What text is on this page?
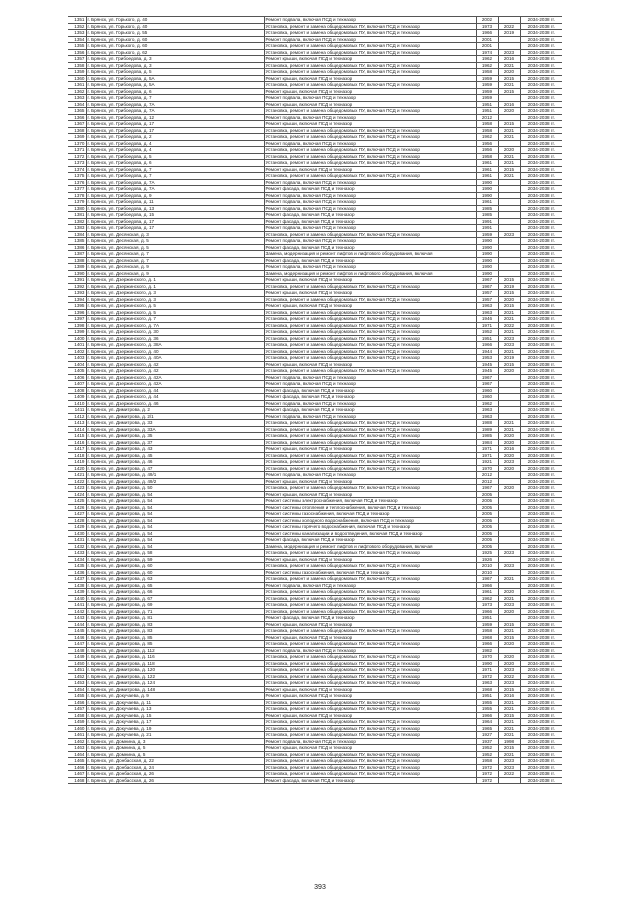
1351	г. Брянск, ул. Горького, д. 40	Ремонт подвала, включая ПСД и техназор	2002		2034-2038 гг.
1352	г. Брянск, ул. Горького, д. 40	Установка, ремонт и замена общедомовых ПУ, включая ПСД и техназор	1973	2022	2034-2038 гг.
1353	г. Брянск, ул. Горького, д. 55	Установка, ремонт и замена общедомовых ПУ, включая ПСД и техназор	1966	2019	2034-2038 гг.
1354	г. Брянск, ул. Горького, д. 60	Ремонт подвала, включая ПСД и техназор	2001		2034-2038 гг.
1355	г. Брянск, ул. Горького, д. 60	Установка, ремонт и замена общедомовых ПУ, включая ПСД и техназор	2001		2034-2038 гг.
1356	г. Брянск, ул. Горького, д. 62	Установка, ремонт и замена общедомовых ПУ, включая ПСД и техназор	1974	2023	2034-2038 гг.
1357	г. Брянск, ул. Грибоедова, д. 3	Ремонт крыши, включая ПСД и техназор	1962	2016	2034-2038 гг.
1358	г. Брянск, ул. Грибоедова, д. 3	Установка, ремонт и замена общедомовых ПУ, включая ПСД и техназор	1962	2021	2034-2038 гг.
1359	г. Брянск, ул. Грибоедова, д. 5	Установка, ремонт и замена общедомовых ПУ, включая ПСД и техназор	1958	2020	2034-2038 гг.
1360	г. Брянск, ул. Грибоедова, д. 5А	Ремонт крыши, включая ПСД и техназор	1959	2015	2034-2038 гг.
1361	г. Брянск, ул. Грибоедова, д. 5А	Установка, ремонт и замена общедомовых ПУ, включая ПСД и техназор	1959	2021	2034-2038 гг.
1362	г. Брянск, ул. Грибоедова, д. 6	Ремонт крыши, включая ПСД и техназор	1959	2015	2034-2038 гг.
1363	г. Брянск, ул. Грибоедова, д. 7	Ремонт подвала, включая ПСД и техназор	1959		2034-2038 гг.
1364	г. Брянск, ул. Грибоедова, д. 7А	Ремонт крыши, включая ПСД и техназор	1951	2016	2034-2038 гг.
1365	г. Брянск, ул. Грибоедова, д. 7А	Установка, ремонт и замена общедомовых ПУ, включая ПСД и техназор	1951	2020	2034-2038 гг.
1366	г. Брянск, ул. Грибоедова, д. 12	Ремонт подвала, включая ПСД и техназор	2012		2034-2038 гг.
1367	г. Брянск, ул. Грибоедова, д. 17	Ремонт крыши, включая ПСД и техназор	1958	2015	2034-2038 гг.
1368	г. Брянск, ул. Грибоедова, д. 17	Установка, ремонт и замена общедомовых ПУ, включая ПСД и техназор	1958	2021	2034-2038 гг.
1369	г. Брянск, ул. Грибоедова, д. 2	Установка, ремонт и замена общедомовых ПУ, включая ПСД и техназор	1962	2021	2034-2038 гг.
1370	г. Брянск, ул. Грибоедова, д. 4	Ремонт подвала, включая ПСД и техназор	1956		2034-2038 гг.
1371	г. Брянск, ул. Грибоедова, д. 4	Установка, ремонт и замена общедомовых ПУ, включая ПСД и техназор	1956	2020	2034-2038 гг.
1372	г. Брянск, ул. Грибоедова, д. 5	Установка, ремонт и замена общедомовых ПУ, включая ПСД и техназор	1958	2021	2034-2038 гг.
1373	г. Брянск, ул. Грибоедова, д. 6	Установка, ремонт и замена общедомовых ПУ, включая ПСД и техназор	1961	2021	2034-2038 гг.
1374	г. Брянск, ул. Грибоедова, д. 7	Ремонт крыши, включая ПСД и техназор	1961	2015	2034-2038 гг.
1375	г. Брянск, ул. Грибоедова, д. 7	Установка, ремонт и замена общедомовых ПУ, включая ПСД и техназор	1961	2021	2034-2038 гг.
1376	г. Брянск, ул. Грибоедова, д. 7А	Ремонт подвала, включая ПСД и техназор	1990		2034-2038 гг.
1377	г. Брянск, ул. Грибоедова, д. 7А	Ремонт фасада, включая ПСД и техназор	1990		2034-2038 гг.
1378	г. Брянск, ул. Грибоедова, д. 9	Ремонт подвала, включая ПСД и техназор	1990		2034-2038 гг.
1379	г. Брянск, ул. Грибоедова, д. 11	Ремонт подвала, включая ПСД и техназор	1961		2034-2038 гг.
1380	г. Брянск, ул. Грибоедова, д. 13	Ремонт подвала, включая ПСД и техназор	1985		2034-2038 гг.
1381	г. Брянск, ул. Грибоедова, д. 15	Ремонт фасада, включая ПСД и техназор	1985		2034-2038 гг.
1382	г. Брянск, ул. Грибоедова, д. 17	Ремонт фасада, включая ПСД и техназор	1991		2034-2038 гг.
1383	г. Брянск, ул. Грибоедова, д. 17	Ремонт подвала, включая ПСД и техназор	1991		2034-2038 гг.
1384	г. Брянск, ул. Десянская, д. 3	Установка, ремонт и замена общедомовых ПУ, включая ПСД и техназор	1959	2023	2034-2038 гг.
1385	г. Брянск, ул. Десянская, д. 5	Ремонт подвала, включая ПСД и техназор	1990		2034-2038 гг.
1386	г. Брянск, ул. Десянская, д. 5	Ремонт фасада, включая ПСД и техназор	1990		2034-2038 гг.
1387	г. Брянск, ул. Десянская, д. 7	Замена, модернизация и ремонт лифтов и лифтового оборудования, включая	1990		2034-2038 гг.
1388	г. Брянск, ул. Десянская, д. 7	Ремонт фасада, включая ПСД и техназор	1990		2034-2038 гг.
1389	г. Брянск, ул. Десянская, д. 9	Ремонт подвала, включая ПСД и техназор	1990		2034-2038 гг.
1390	г. Брянск, ул. Десянская, д. 9	Замена, модернизация и ремонт лифтов и лифтового оборудования, включая	1990		2034-2038 гг.
1391	г. Брянск, ул. Дзержинского, д. 1	Ремонт крыши, включая ПСД и техназор	1967	2015	2034-2038 гг.
1392	г. Брянск, ул. Дзержинского, д. 1	Установка, ремонт и замена общедомовых ПУ, включая ПСД и техназор	1967	2019	2034-2038 гг.
1393	г. Брянск, ул. Дзержинского, д. 3	Ремонт крыши, включая ПСД и техназор	1957	2015	2034-2038 гг.
1394	г. Брянск, ул. Дзержинского, д. 3	Установка, ремонт и замена общедомовых ПУ, включая ПСД и техназор	1957	2020	2034-2038 гг.
1395	г. Брянск, ул. Дзержинского, д. 5	Ремонт крыши, включая ПСД и техназор	1963	2015	2034-2038 гг.
1396	г. Брянск, ул. Дзержинского, д. 5	Установка, ремонт и замена общедомовых ПУ, включая ПСД и техназор	1963	2021	2034-2038 гг.
1397	г. Брянск, ул. Дзержинского, д. 7	Установка, ремонт и замена общедомовых ПУ, включая ПСД и техназор	1946	2021	2034-2038 гг.
1398	г. Брянск, ул. Дзержинского, д. 7А	Установка, ремонт и замена общедомовых ПУ, включая ПСД и техназор	1971	2022	2034-2038 гг.
1399	г. Брянск, ул. Дзержинского, д. 30	Установка, ремонт и замена общедомовых ПУ, включая ПСД и техназор	1952	2021	2034-2038 гг.
1400	г. Брянск, ул. Дзержинского, д. 36	Установка, ремонт и замена общедомовых ПУ, включая ПСД и техназор	1951	2023	2034-2038 гг.
1401	г. Брянск, ул. Дзержинского, д. 38А	Установка, ремонт и замена общедомовых ПУ, включая ПСД и техназор	1966	2023	2034-2038 гг.
1402	г. Брянск, ул. Дзержинского, д. 40	Установка, ремонт и замена общедомовых ПУ, включая ПСД и техназор	1944	2021	2034-2038 гг.
1403	г. Брянск, ул. Дзержинского, д. 40А	Установка, ремонт и замена общедомовых ПУ, включая ПСД и техназор	1953	2019	2034-2038 гг.
1404	г. Брянск, ул. Дзержинского, д. 42	Ремонт крыши, включая ПСД и техназор	1945	2015	2034-2038 гг.
1405	г. Брянск, ул. Дзержинского, д. 42	Установка, ремонт и замена общедомовых ПУ, включая ПСД и техназор	1945	2020	2034-2038 гг.
1406	г. Брянск, ул. Дзержинского, д. 42А	Ремонт подвала, включая ПСД и техназор	1967		2034-2038 гг.
1407	г. Брянск, ул. Дзержинского, д. 42А	Ремонт подвала, включая ПСД и техназор	1967		2034-2038 гг.
1408	г. Брянск, ул. Дзержинского, д. 44	Ремонт фасада, включая ПСД и техназор	1960		2034-2038 гг.
1409	г. Брянск, ул. Дзержинского, д. 44	Ремонт фасада, включая ПСД и техназор	1960		2034-2038 гг.
1410	г. Брянск, ул. Дзержинского, д. 46	Ремонт подвала, включая ПСД и техназор	1962		2034-2038 гг.
1411	г. Брянск, ул. Димитрова, д. 2	Ремонт фасада, включая ПСД и техназор	1963		2034-2038 гг.
1412	г. Брянск, ул. Димитрова, д. 2/1	Ремонт подвала, включая ПСД и техназор	1963		2034-2038 гг.
1413	г. Брянск, ул. Димитрова, д. 33	Установка, ремонт и замена общедомовых ПУ, включая ПСД и техназор	1988	2021	2034-2038 гг.
1414	г. Брянск, ул. Димитрова, д. 33А	Установка, ремонт и замена общедомовых ПУ, включая ПСД и техназор	1989	2021	2034-2038 гг.
1415	г. Брянск, ул. Димитрова, д. 35	Установка, ремонт и замена общедомовых ПУ, включая ПСД и техназор	1985	2020	2034-2038 гг.
1416	г. Брянск, ул. Димитрова, д. 37	Установка, ремонт и замена общедомовых ПУ, включая ПСД и техназор	1984	2020	2034-2038 гг.
1417	г. Брянск, ул. Димитрова, д. 43	Ремонт крыши, включая ПСД и техназор	1971	2016	2034-2038 гг.
1418	г. Брянск, ул. Димитрова, д. 45	Установка, ремонт и замена общедомовых ПУ, включая ПСД и техназор	1971	2020	2034-2038 гг.
1419	г. Брянск, ул. Димитрова, д. 46	Установка, ремонт и замена общедомовых ПУ, включая ПСД и техназор	1921	2023	2034-2038 гг.
1420	г. Брянск, ул. Димитрова, д. 47	Установка, ремонт и замена общедомовых ПУ, включая ПСД и техназор	1970	2020	2034-2038 гг.
1421	г. Брянск, ул. Димитрова, д. 49/1	Ремонт подвала, включая ПСД и техназор	2012		2034-2038 гг.
1422	г. Брянск, ул. Димитрова, д. 49/2	Ремонт крыши, включая ПСД и техназор	2012		2034-2038 гг.
1423	г. Брянск, ул. Димитрова, д. 50	Установка, ремонт и замена общедомовых ПУ, включая ПСД и техназор	1967	2020	2034-2038 гг.
1424	г. Брянск, ул. Димитрова, д. 54	Ремонт крыши, включая ПСД и техназор	2005		2034-2038 гг.
1425	г. Брянск, ул. Димитрова, д. 54	Ремонт системы электроснабжения, включая ПСД и техназор	2005		2034-2038 гг.
1426	г. Брянск, ул. Димитрова, д. 54	Ремонт системы отопления и теплоснабжения, включая ПСД и техназор	2005		2034-2038 гг.
1427	г. Брянск, ул. Димитрова, д. 54	Ремонт системы газоснабжения, включая ПСД и техназор	2005		2034-2038 гг.
1428	г. Брянск, ул. Димитрова, д. 54	Ремонт системы холодного водоснабжения, включая ПСД и техназор	2005		2034-2038 гг.
1429	г. Брянск, ул. Димитрова, д. 54	Ремонт системы горячего водоснабжения, включая ПСД и техназор	2005		2034-2038 гг.
1430	г. Брянск, ул. Димитрова, д. 54	Ремонт системы канализации и водоотведения, включая ПСД и техназор	2005		2034-2038 гг.
1431	г. Брянск, ул. Димитрова, д. 54	Ремонт фасада, включая ПСД и техназор	2005		2034-2038 гг.
1432	г. Брянск, ул. Димитрова, д. 54	Замена, модернизация и ремонт лифтов и лифтового оборудования, включая	2005		2034-2038 гг.
1433	г. Брянск, ул. Димитрова, д. 58	Установка, ремонт и замена общедомовых ПУ, включая ПСД и техназор	1925	2023	2034-2038 гг.
1434	г. Брянск, ул. Димитрова, д. 59	Ремонт крыши, включая ПСД и техназор	1926		2034-2038 гг.
1435	г. Брянск, ул. Димитрова, д. 60	Установка, ремонт и замена общедомовых ПУ, включая ПСД и техназор	2010	2023	2034-2038 гг.
1436	г. Брянск, ул. Димитрова, д. 60	Ремонт системы газоснабжения, включая ПСД и техназор	2010		2034-2038 гг.
1437	г. Брянск, ул. Димитрова, д. 63	Установка, ремонт и замена общедомовых ПУ, включая ПСД и техназор	1967	2021	2034-2038 гг.
1438	г. Брянск, ул. Димитрова, д. 65	Ремонт подвала, включая ПСД и техназор	1966		2034-2038 гг.
1439	г. Брянск, ул. Димитрова, д. 66	Установка, ремонт и замена общедомовых ПУ, включая ПСД и техназор	1961	2020	2034-2038 гг.
1440	г. Брянск, ул. Димитрова, д. 67	Установка, ремонт и замена общедомовых ПУ, включая ПСД и техназор	1962	2021	2034-2038 гг.
1441	г. Брянск, ул. Димитрова, д. 69	Установка, ремонт и замена общедомовых ПУ, включая ПСД и техназор	1973	2023	2034-2038 гг.
1442	г. Брянск, ул. Димитрова, д. 71	Установка, ремонт и замена общедомовых ПУ, включая ПСД и техназор	1966	2020	2034-2038 гг.
1443	г. Брянск, ул. Димитрова, д. 81	Ремонт фасада, включая ПСД и техназор	1951		2034-2038 гг.
1444	г. Брянск, ул. Димитрова, д. 83	Ремонт крыши, включая ПСД и техназор	1959	2015	2034-2038 гг.
1445	г. Брянск, ул. Димитрова, д. 83	Установка, ремонт и замена общедомовых ПУ, включая ПСД и техназор	1958	2021	2034-2038 гг.
1446	г. Брянск, ул. Димитрова, д. 85	Ремонт крыши, включая ПСД и техназор	1968	2015	2034-2038 гг.
1447	г. Брянск, ул. Димитрова, д. 85	Установка, ремонт и замена общедомовых ПУ, включая ПСД и техназор	1966	2020	2034-2038 гг.
1448	г. Брянск, ул. Димитрова, д. 112	Ремонт подвала, включая ПСД и техназор	1982		2034-2038 гг.
1449	г. Брянск, ул. Димитрова, д. 116	Установка, ремонт и замена общедомовых ПУ, включая ПСД и техназор	1970	2020	2034-2038 гг.
1450	г. Брянск, ул. Димитрова, д. 118	Установка, ремонт и замена общедомовых ПУ, включая ПСД и техназор	1990	2020	2034-2038 гг.
1451	г. Брянск, ул. Димитрова, д. 120	Установка, ремонт и замена общедомовых ПУ, включая ПСД и техназор	1971	2023	2034-2038 гг.
1452	г. Брянск, ул. Димитрова, д. 122	Установка, ремонт и замена общедомовых ПУ, включая ПСД и техназор	1972	2022	2034-2038 гг.
1453	г. Брянск, ул. Димитрова, д. 124	Установка, ремонт и замена общедомовых ПУ, включая ПСД и техназор	1963	2023	2034-2038 гг.
1454	г. Брянск, ул. Димитрова, д. 148	Ремонт крыши, включая ПСД и техназор	1968	2015	2034-2038 гг.
1455	г. Брянск, ул. Докучаева, д. 9	Ремонт крыши, включая ПСД и техназор	1951	2016	2034-2038 гг.
1456	г. Брянск, ул. Докучаева, д. 11	Установка, ремонт и замена общедомовых ПУ, включая ПСД и техназор	1955	2021	2034-2038 гг.
1457	г. Брянск, ул. Докучаева, д. 13	Установка, ремонт и замена общедомовых ПУ, включая ПСД и техназор	1955	2021	2034-2038 гг.
1458	г. Брянск, ул. Докучаева, д. 15	Ремонт крыши, включая ПСД и техназор	1966	2015	2034-2038 гг.
1459	г. Брянск, ул. Докучаева, д. 17	Установка, ремонт и замена общедомовых ПУ, включая ПСД и техназор	1964	2021	2034-2038 гг.
1460	г. Брянск, ул. Докучаева, д. 19	Установка, ремонт и замена общедомовых ПУ, включая ПСД и техназор	1965	2021	2034-2038 гг.
1461	г. Брянск, ул. Докучаева, д. 21	Установка, ремонт и замена общедомовых ПУ, включая ПСД и техназор	1927	2021	2034-2038 гг.
1462	г. Брянск, ул. Домнина, д. 3	Ремонт подвала, включая ПСД и техназор	1937	1998	2034-2038 гг.
1463	г. Брянск, ул. Домнина, д. 5	Ремонт крыши, включая ПСД и техназор	1952	2015	2034-2038 гг.
1464	г. Брянск, ул. Домнина, д. 5	Установка, ремонт и замена общедомовых ПУ, включая ПСД и техназор	1952	2021	2034-2038 гг.
1465	г. Брянск, ул. Донбасская, д. 22	Установка, ремонт и замена общедомовых ПУ, включая ПСД и техназор	1958	2023	2034-2038 гг.
1466	г. Брянск, ул. Донбасская, д. 24	Установка, ремонт и замена общедомовых ПУ, включая ПСД и техназор	1972	2023	2034-2038 гг.
1467	г. Брянск, ул. Донбасская, д. 26	Установка, ремонт и замена общедомовых ПУ, включая ПСД и техназор	1972	2022	2034-2038 гг.
1468	г. Брянск, ул. Донбасская, д. 26	Ремонт фасада, включая ПСД и техназор	1972		2034-2038 гг.
393
